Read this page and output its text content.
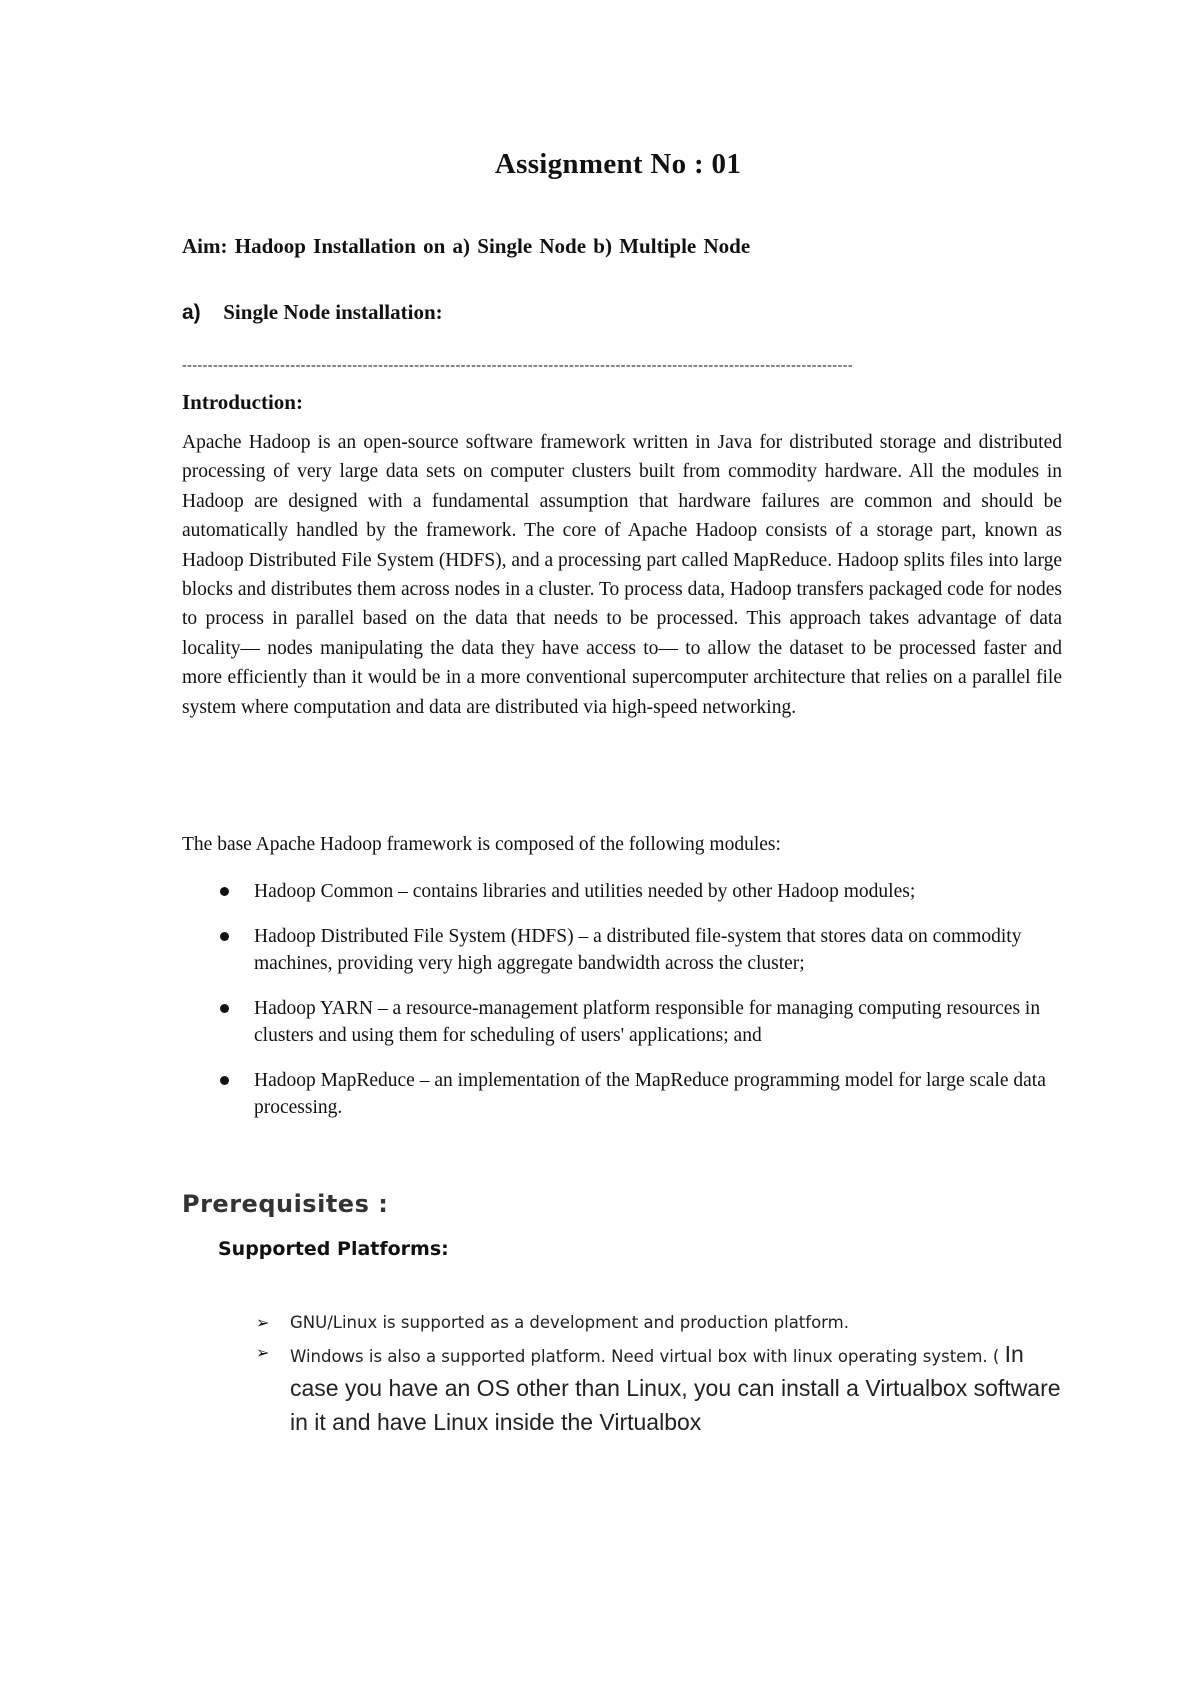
Assignment No : 01
Aim: Hadoop Installation on a) Single Node b) Multiple Node
a) Single Node installation:
----------------------------------------------------------------------------------------------------------------------------------
Introduction:

Apache Hadoop is an open-source software framework written in Java for distributed storage and distributed processing of very large data sets on computer clusters built from commodity hardware. All the modules in Hadoop are designed with a fundamental assumption that hardware failures are common and should be automatically handled by the framework. The core of Apache Hadoop consists of a storage part, known as Hadoop Distributed File System (HDFS), and a processing part called MapReduce. Hadoop splits files into large blocks and distributes them across nodes in a cluster. To process data, Hadoop transfers packaged code for nodes to process in parallel based on the data that needs to be processed. This approach takes advantage of data locality— nodes manipulating the data they have access to— to allow the dataset to be processed faster and more efficiently than it would be in a more conventional supercomputer architecture that relies on a parallel file system where computation and data are distributed via high-speed networking.

The base Apache Hadoop framework is composed of the following modules:
Hadoop Common – contains libraries and utilities needed by other Hadoop modules;
Hadoop Distributed File System (HDFS) – a distributed file-system that stores data on commodity machines, providing very high aggregate bandwidth across the cluster;
Hadoop YARN – a resource-management platform responsible for managing computing resources in clusters and using them for scheduling of users' applications; and
Hadoop MapReduce – an implementation of the MapReduce programming model for large scale data processing.
Prerequisites :
Supported Platforms:
➢ GNU/Linux is supported as a development and production platform.
➢ Windows is also a supported platform. Need virtual box with linux operating system. ( In case you have an OS other than Linux, you can install a Virtualbox software in it and have Linux inside the Virtualbox
